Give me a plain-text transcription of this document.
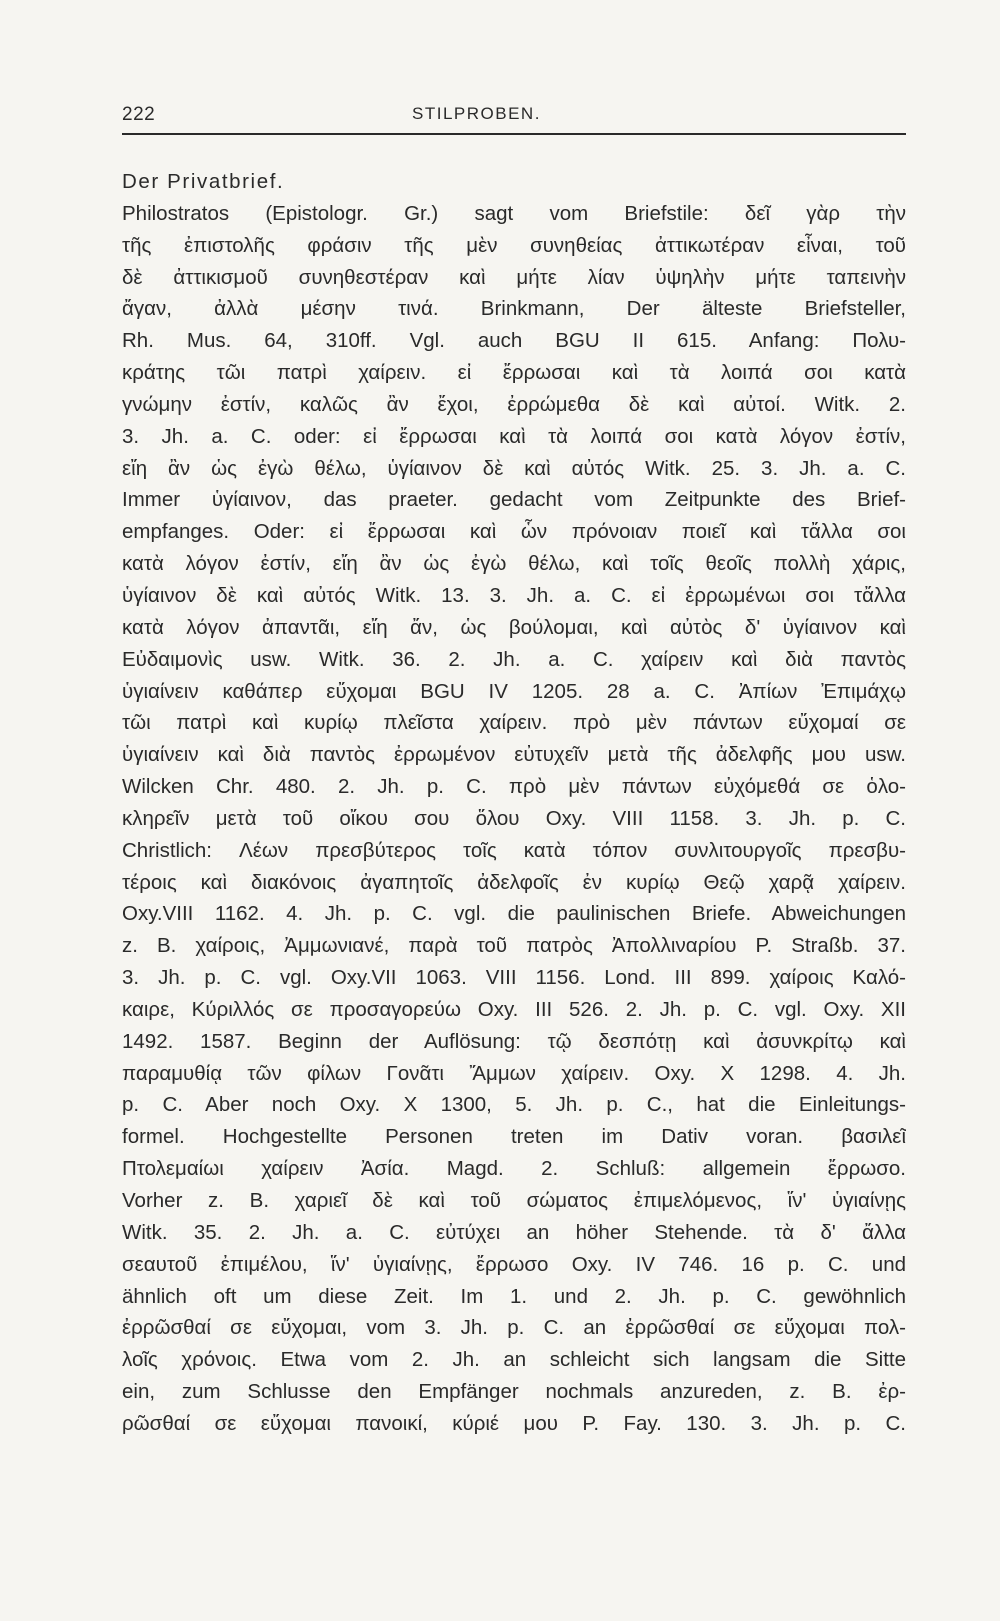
222	STILPROBEN.
Der Privatbrief.
Philostratos (Epistologr. Gr.) sagt vom Briefstile: δεῖ γὰρ τὴν
τῆς ἐπιστολῆς φράσιν τῆς μὲν συνηθείας ἀττικωτέραν εἶναι, τοῦ
δὲ ἀττικισμοῦ συνηθεστέραν καὶ μήτε λίαν ὑψηλὴν μήτε ταπεινὴν
ἄγαν, ἀλλὰ μέσην τινά. Brinkmann, Der älteste Briefsteller,
Rh. Mus. 64, 310ff. Vgl. auch BGU II 615. Anfang: Πολυ-
κράτης τῶι πατρὶ χαίρειν. εἰ ἔρρωσαι καὶ τὰ λοιπά σοι κατὰ
γνώμην ἐστίν, καλῶς ἂν ἔχοι, ἐρρώμεθα δὲ καὶ αὐτοί. Witk. 2.
3. Jh. a. C. oder: εἰ ἔρρωσαι καὶ τὰ λοιπά σοι κατὰ λόγον ἐστίν,
εἴη ἂν ὡς ἐγὼ θέλω, ὑγίαινον δὲ καὶ αὐτός Witk. 25. 3. Jh. a. C.
Immer ὑγίαινον, das praeter. gedacht vom Zeitpunkte des Brief-
empfanges. Oder: εἰ ἔρρωσαι καὶ ὧν πρόνοιαν ποιεῖ καὶ τἄλλα σοι
κατὰ λόγον ἐστίν, εἴη ἂν ὡς ἐγὼ θέλω, καὶ τοῖς θεοῖς πολλὴ χάρις,
ὑγίαινον δὲ καὶ αὐτός Witk. 13. 3. Jh. a. C. εἰ ἐρρωμένωι σοι τἄλλα
κατὰ λόγον ἀπαντᾶι, εἴη ἄν, ὡς βούλομαι, καὶ αὐτὸς δ' ὑγίαινον καὶ
Εὐδαιμονὶς usw. Witk. 36. 2. Jh. a. C. χαίρειν καὶ διὰ παντὸς
ὑγιαίνειν καθάπερ εὔχομαι BGU IV 1205. 28 a. C. Ἀπίων Ἐπιμάχῳ
τῶι πατρὶ καὶ κυρίῳ πλεῖστα χαίρειν. πρὸ μὲν πάντων εὔχομαί σε
ὑγιαίνειν καὶ διὰ παντὸς ἐρρωμένον εὐτυχεῖν μετὰ τῆς ἀδελφῆς μου usw.
Wilcken Chr. 480. 2. Jh. p. C. πρὸ μὲν πάντων εὐχόμεθά σε ὁλο-
κληρεῖν μετὰ τοῦ οἴκου σου ὅλου Oxy. VIII 1158. 3. Jh. p. C.
Christlich: Λέων πρεσβύτερος τοῖς κατὰ τόπον συνλιτουργοῖς πρεσβυ-
τέροις καὶ διακόνοις ἀγαπητοῖς ἀδελφοῖς ἐν κυρίῳ Θεῷ χαρᾷ χαίρειν.
Oxy.VIII 1162. 4. Jh. p. C. vgl. die paulinischen Briefe. Abweichungen
z. B. χαίροις, Ἀμμωνιανέ, παρὰ τοῦ πατρὸς Ἀπολλιναρίου P. Straßb. 37.
3. Jh. p. C. vgl. Oxy.VII 1063. VIII 1156. Lond. III 899. χαίροις Καλό-
καιρε, Κύριλλός σε προσαγορεύω Oxy. III 526. 2. Jh. p. C. vgl. Oxy. XII
1492. 1587. Beginn der Auflösung: τῷ δεσπότῃ καὶ ἀσυνκρίτῳ καὶ
παραμυθίᾳ τῶν φίλων Γονᾶτι Ἄμμων χαίρειν. Oxy. X 1298. 4. Jh.
p. C. Aber noch Oxy. X 1300, 5. Jh. p. C., hat die Einleitungs-
formel. Hochgestellte Personen treten im Dativ voran. βασιλεῖ
Πτολεμαίωι χαίρειν Ἀσία. Magd. 2. Schluß: allgemein ἔρρωσο.
Vorher z. B. χαριεῖ δὲ καὶ τοῦ σώματος ἐπιμελόμενος, ἵν' ὑγιαίνῃς
Witk. 35. 2. Jh. a. C. εὐτύχει an höher Stehende. τὰ δ' ἄλλα
σεαυτοῦ ἐπιμέλου, ἵν' ὑγιαίνῃς, ἔρρωσο Oxy. IV 746. 16 p. C. und
ähnlich oft um diese Zeit. Im 1. und 2. Jh. p. C. gewöhnlich
ἐρρῶσθαί σε εὔχομαι, vom 3. Jh. p. C. an ἐρρῶσθαί σε εὔχομαι πολ-
λοῖς χρόνοις. Etwa vom 2. Jh. an schleicht sich langsam die Sitte
ein, zum Schlusse den Empfänger nochmals anzureden, z. B. ἐρ-
ρῶσθαί σε εὔχομαι πανοικί, κύριέ μου P. Fay. 130. 3. Jh. p. C.
